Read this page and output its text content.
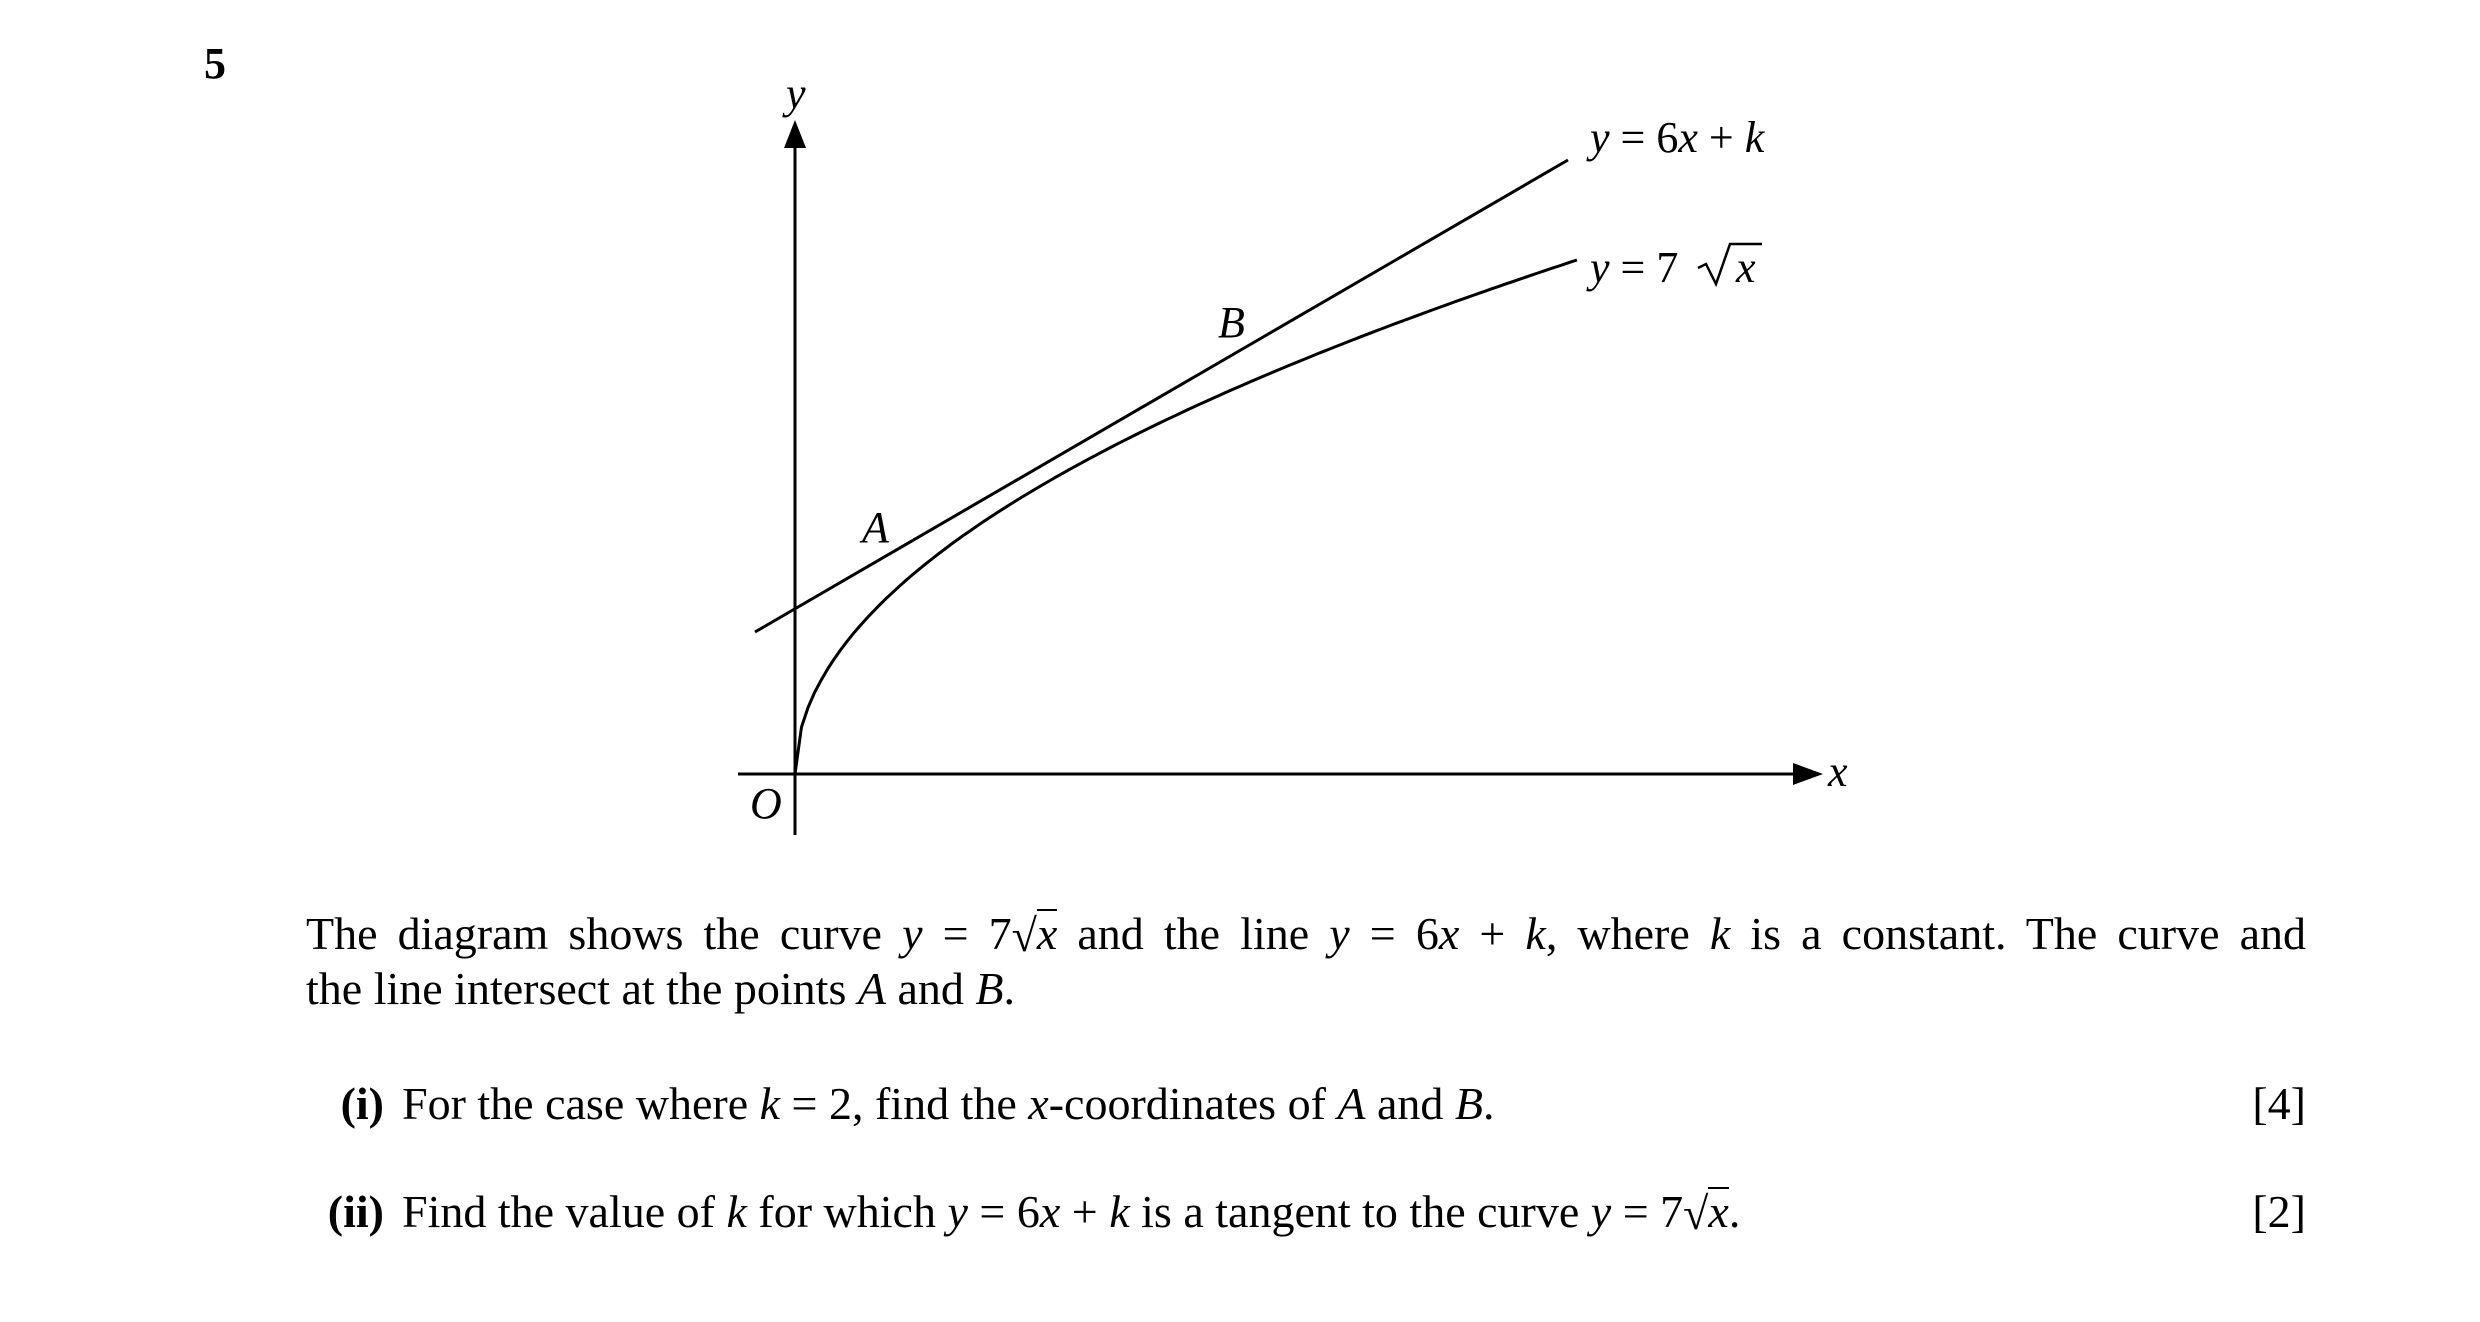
5
y
x
O
A
B
y = 6x + k
y = 7 x
The diagram shows the curve y = 7√x and the line y = 6x + k, where k is a constant. The curve and
the line intersect at the points A and B.
(i) For the case where k = 2, find the x-coordinates of A and B.	[4]
(ii) Find the value of k for which y = 6x + k is a tangent to the curve y = 7√x.	[2]
